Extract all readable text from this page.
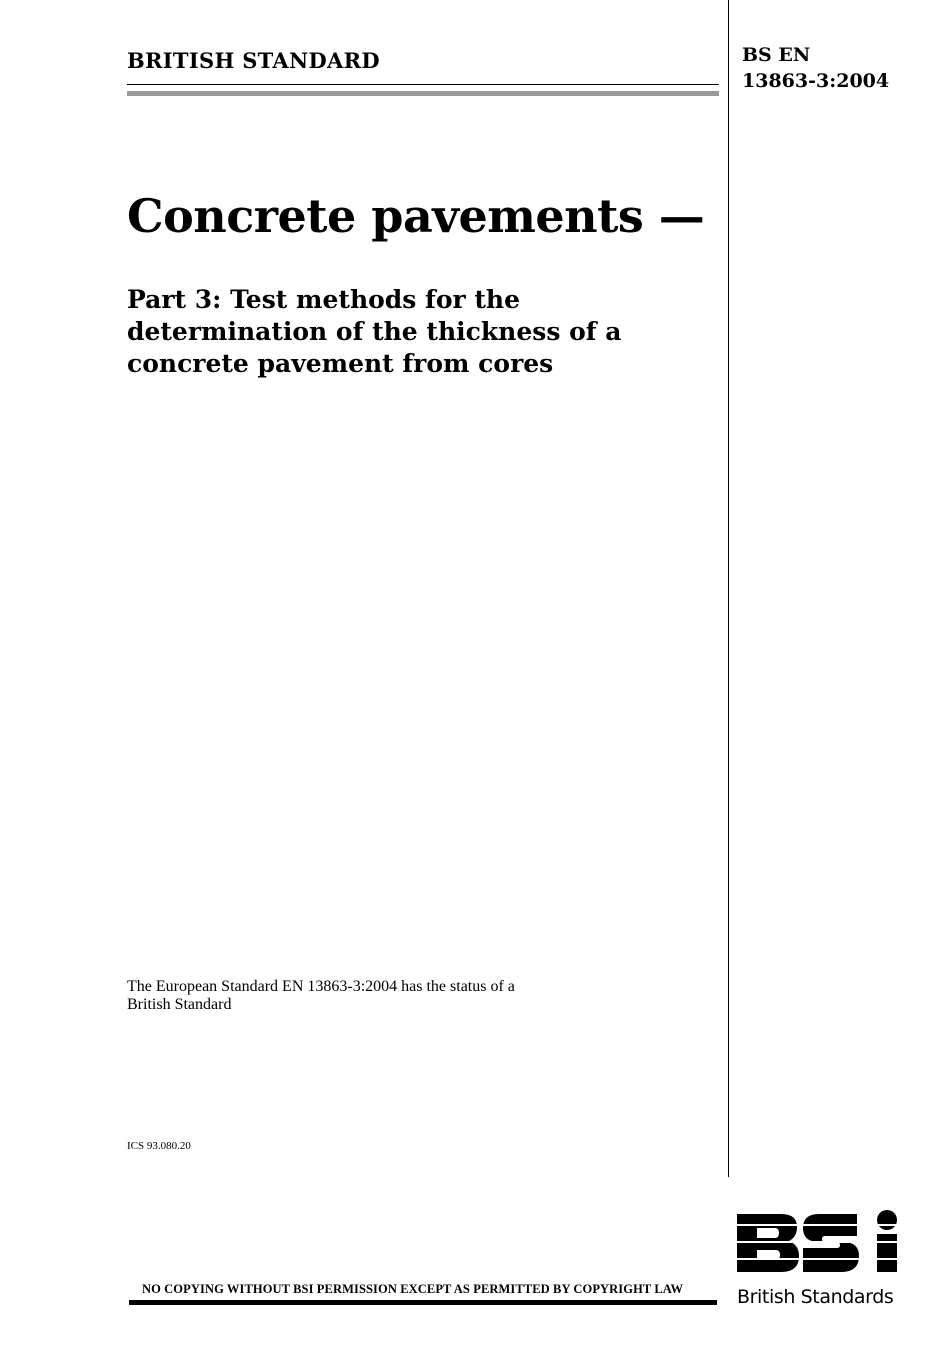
BRITISH STANDARD	BS EN
13863-3:2004
Concrete pavements —
Part 3: Test methods for the
determination of the thickness of a
concrete pavement from cores
The European Standard EN 13863-3:2004 has the status of a
British Standard
ICS 93.080.20
NO COPYING WITHOUT BSI PERMISSION EXCEPT AS PERMITTED BY COPYRIGHT LAW	British Standards
